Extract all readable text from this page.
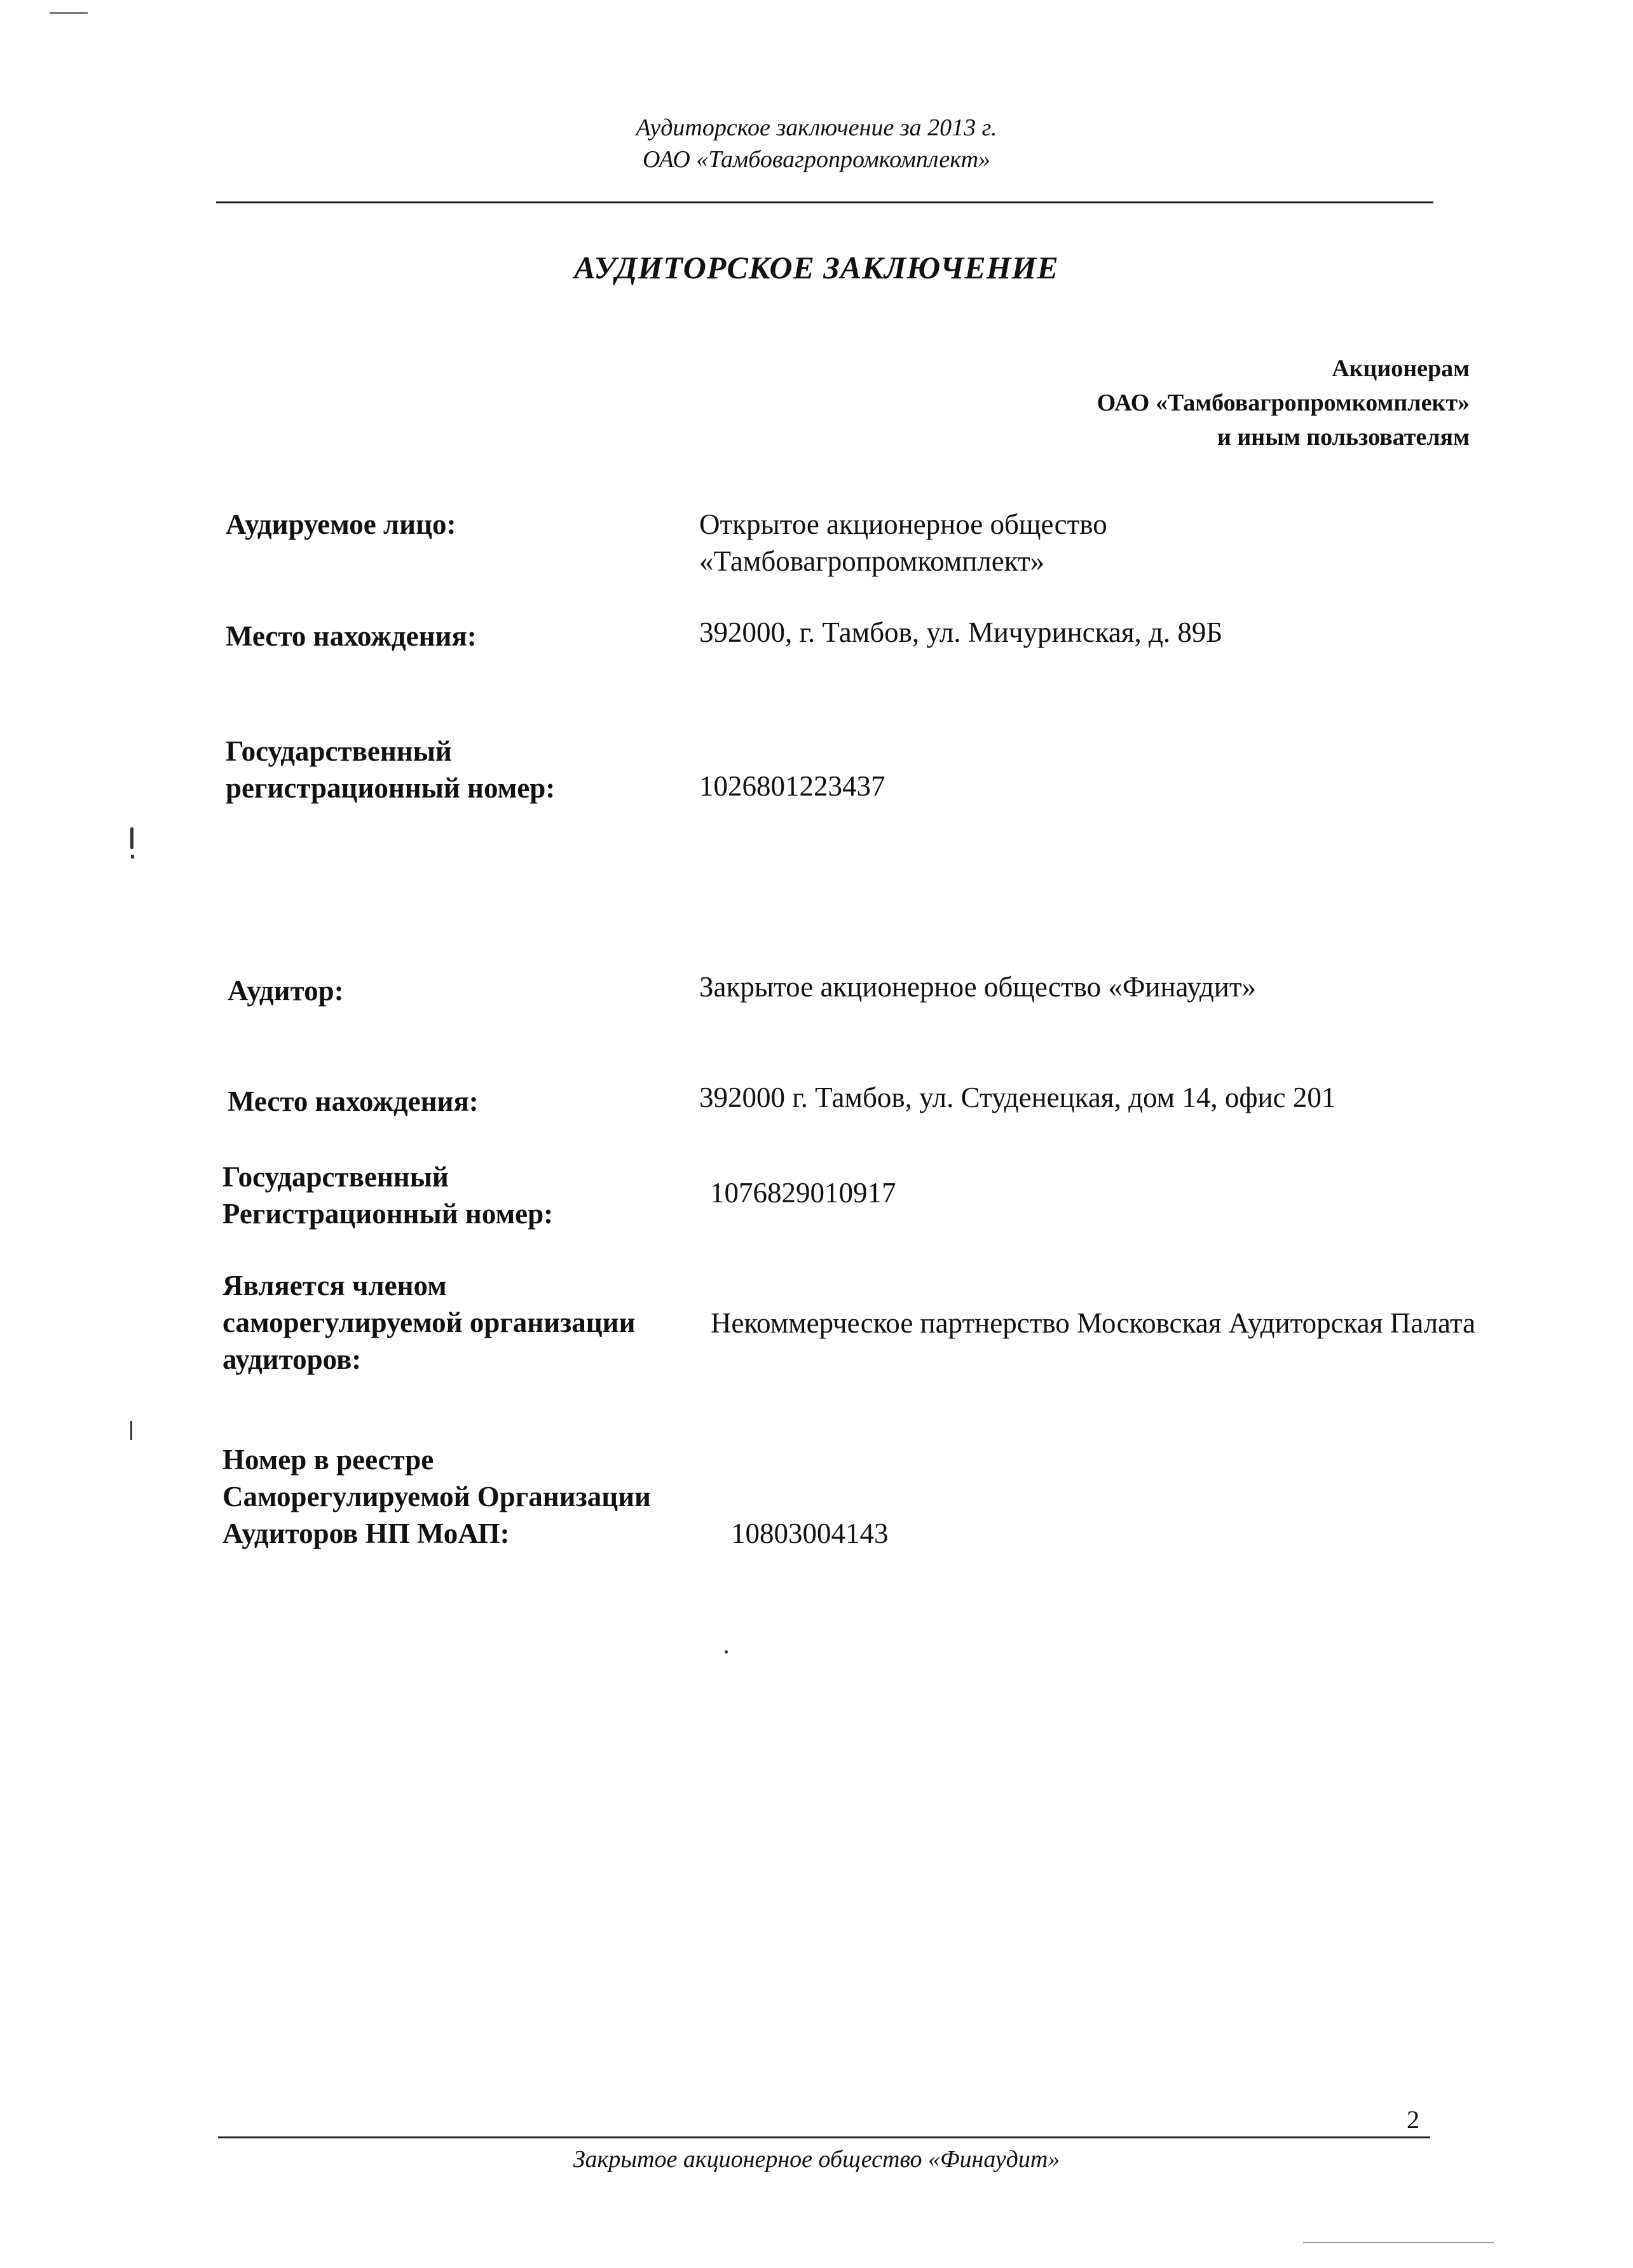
Аудиторское заключение за 2013 г.
ОАО «Тамбовагропромкомплект»
АУДИТОРСКОЕ ЗАКЛЮЧЕНИЕ
Акционерам
ОАО «Тамбовагропромкомплект»
и иным пользователям
Аудируемое лицо:	Открытое акционерное общество
«Тамбовагропромкомплект»
Место нахождения:	392000, г. Тамбов, ул. Мичуринская, д. 89Б
Государственный
регистрационный номер:	1026801223437
Аудитор:	Закрытое акционерное общество «Финаудит»
Место нахождения:	392000 г. Тамбов, ул. Студенецкая, дом 14, офис 201
Государственный
Регистрационный номер:
1076829010917
Является членом
саморегулируемой организации
аудиторов:
Некоммерческое партнерство Московская Аудиторская Палата
Номер в реестре
Саморегулируемой Организации
Аудиторов НП МоАП:	10803004143
2
Закрытое акционерное общество «Финаудит»
